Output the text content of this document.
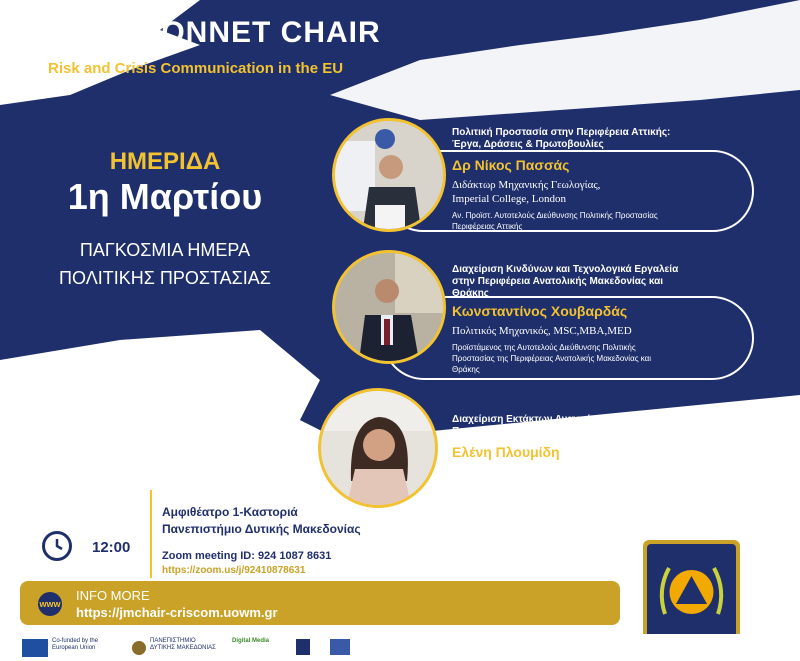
JEAN MONNET CHAIR
Risk and Crisis Communication in the EU
ΗΜΕΡΙΔΑ
1η Μαρτίου
ΠΑΓΚΟΣΜΙΑ ΗΜΕΡΑ
ΠΟΛΙΤΙΚΗΣ ΠΡΟΣΤΑΣΙΑΣ
Πολιτική Προστασία στην Περιφέρεια Αττικής:
Έργα, Δράσεις & Πρωτοβουλίες
Δρ Νίκος Πασσάς
Διδάκτωρ Μηχανικής Γεωλογίας,
Imperial College, London
Αν. Προϊστ. Αυτοτελούς Διεύθυνσης Πολιτικής Προστασίας
Περιφέρειας Αττικής
Διαχείριση Κινδύνων και Τεχνολογικά Εργαλεία
στην Περιφέρεια Ανατολικής Μακεδονίας και
Θράκης
Κωνσταντίνος Χουβαρδάς
Πολιτικός Μηχανικός, MSC,MBA,MED
Προϊστάμενος της Αυτοτελούς Διεύθυνσης Πολιτικής
Προστασίας της Περιφέρειας Ανατολικής Μακεδονίας και
Θράκης
Διαχείριση Εκτάκτων Αναγκών στην
Περιφέρεια Κρήτης
Ελένη Πλουμίδη
Διπλωματούχος Μηχανολόγος Μηχανικός
Αν. Προϊσταμένη Αυτοτελούς Διεύθυνσης Πολιτικής
ΠροστασίαςΠεριφέρεια Κρήτης
Αμφιθέατρο 1-Καστοριά
Πανεπιστήμιο Δυτικής Μακεδονίας
12:00	Zoom meeting ID: 924 1087 8631
https://zoom.us/j/92410878631
www
INFO MORE
https://jmchair-criscom.uowm.gr
Co-funded by the European Union
ΠΑΝΕΠΙΣΤΗΜΙΟ ΔΥΤΙΚΗΣ ΜΑΚΕΔΟΝΙΑΣ
Digital Media
